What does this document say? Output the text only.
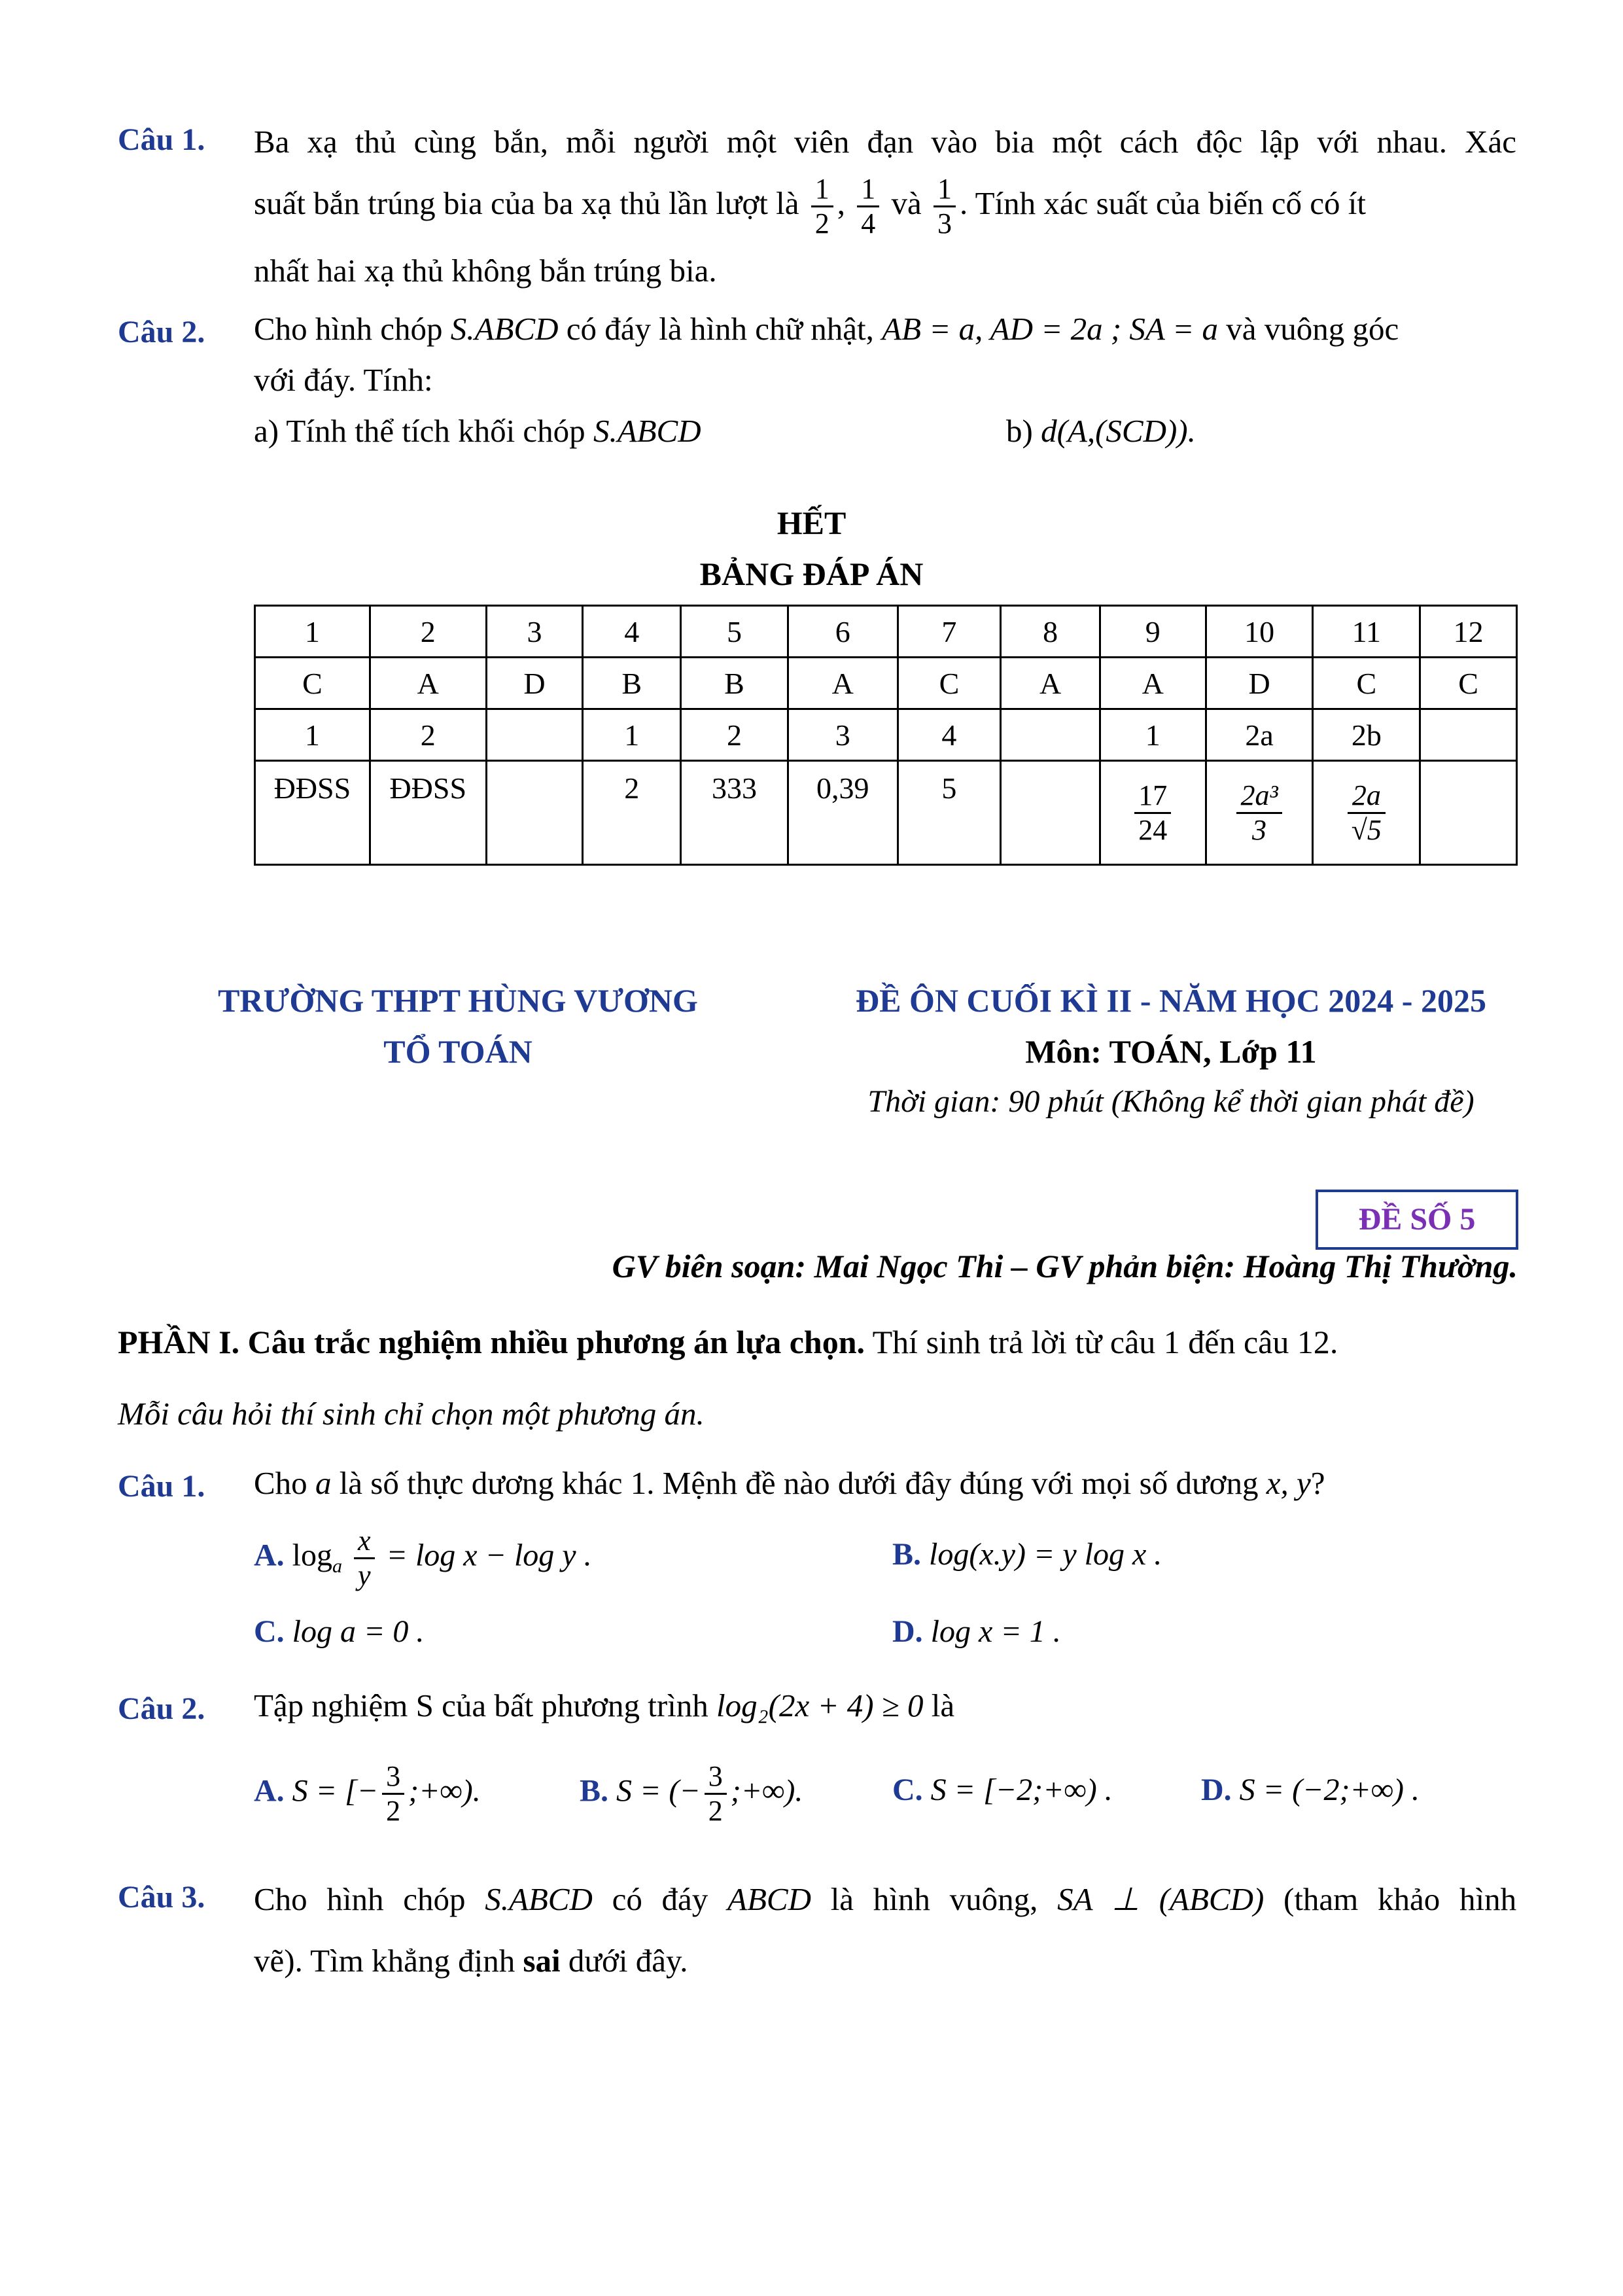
Câu 1. Ba xạ thủ cùng bắn, mỗi người một viên đạn vào bia một cách độc lập với nhau. Xác
suất bắn trúng bia của ba xạ thủ lần lượt là $\frac{1}{2}$ , $\frac{1}{4}$ và $\frac{1}{3}$ . Tính xác suất của biến cố có ít
nhất hai xạ thủ không bắn trúng bia.
Câu 2. Cho hình chóp S.ABCD có đáy là hình chữ nhật, AB = a, AD = 2a ; SA = a và vuông góc
với đáy. Tính:
a) Tính thể tích khối chóp S.ABCD	b) d(A,(SCD)).
HẾT
BẢNG ĐÁP ÁN
1	2	3	4	5	6	7	8	9	10	11	12
C	A	D	B	B	A	C	A	A	D	C	C
1	2		1	2	3	4		1	2a	2b	
ĐĐSS	ĐĐSS		2	333	0,39	5		$\frac{17}{24}$	$\frac{\text{2a³}}{3}$	$\frac{2a}{√5}$

TRƯỜNG THPT HÙNG VƯƠNG
TỔ TOÁN
ĐỀ ÔN CUỐI KÌ II - NĂM HỌC 2024 - 2025
Môn: TOÁN, Lớp 11
Thời gian: 90 phút (Không kể thời gian phát đề)
ĐỀ SỐ 5
GV biên soạn: Mai Ngọc Thi – GV phản biện: Hoàng Thị Thường.
PHẦN I. Câu trắc nghiệm nhiều phương án lựa chọn. Thí sinh trả lời từ câu 1 đến câu 12.
Mỗi câu hỏi thí sinh chỉ chọn một phương án.
Câu 1. Cho a là số thực dương khác 1. Mệnh đề nào dưới đây đúng với mọi số dương x, y?
A. $\log_a \frac{x}{y} = \log x - \log y$ .	B. log(x.y) = y log x .
C. log a = 0 .	D. log x = 1 .
Câu 2. Tập nghiệm S của bất phương trình log₂(2x + 4) ≥ 0 là
A. S = [− $\frac{3}{2}$ ;+∞).	B. S = (− $\frac{3}{2}$ ;+∞).	C. S = [−2;+∞) .	D. S = (−2;+∞) .
Câu 3. Cho hình chóp S.ABCD có đáy ABCD là hình vuông, SA ⊥ (ABCD) (tham khảo hình
vẽ). Tìm khẳng định sai dưới đây.
